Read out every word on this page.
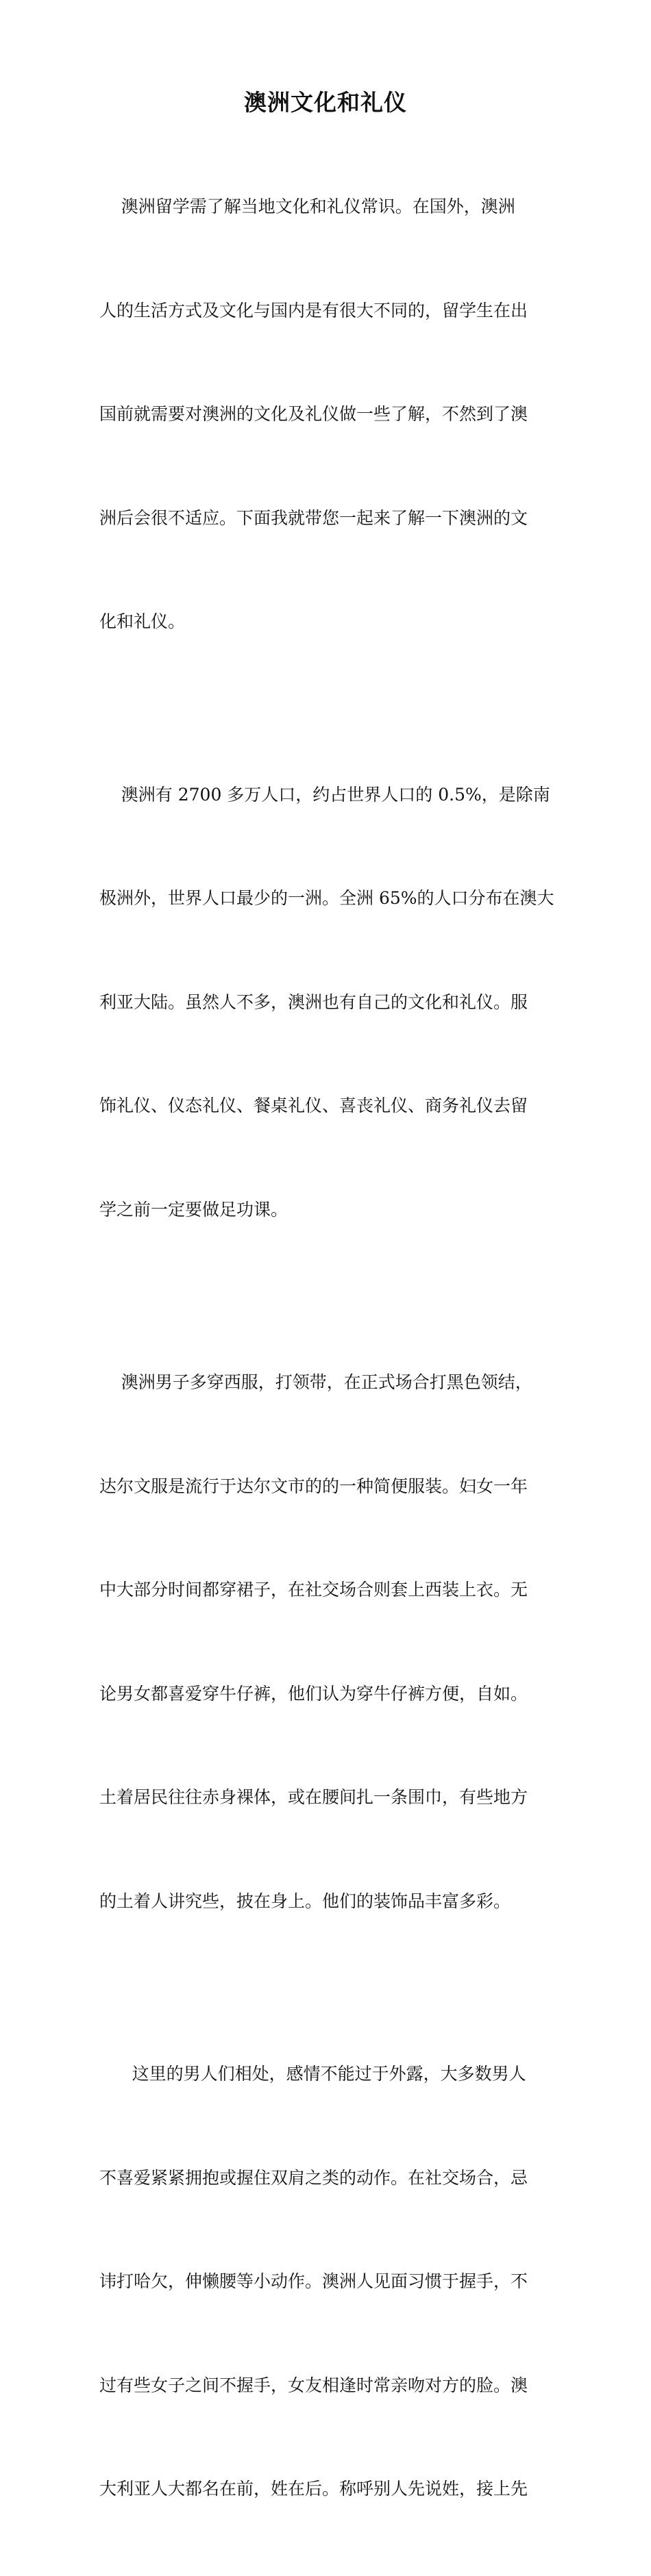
澳洲文化和礼仪

澳洲留学需了解当地文化和礼仪常识。在国外，澳洲

人的生活方式及文化与国内是有很大不同的，留学生在出

国前就需要对澳洲的文化及礼仪做一些了解，不然到了澳

洲后会很不适应。下面我就带您一起来了解一下澳洲的文

化和礼仪。

澳洲有 2700 多万人口，约占世界人口的 0.5%，是除南

极洲外，世界人口最少的一洲。全洲 65%的人口分布在澳大

利亚大陆。虽然人不多，澳洲也有自己的文化和礼仪。服

饰礼仪、仪态礼仪、餐桌礼仪、喜丧礼仪、商务礼仪去留

学之前一定要做足功课。

澳洲男子多穿西服，打领带，在正式场合打黑色领结，

达尔文服是流行于达尔文市的的一种简便服装。妇女一年

中大部分时间都穿裙子，在社交场合则套上西装上衣。无

论男女都喜爱穿牛仔裤，他们认为穿牛仔裤方便，自如。

土着居民往往赤身裸体，或在腰间扎一条围巾，有些地方

的土着人讲究些，披在身上。他们的装饰品丰富多彩。

这里的男人们相处，感情不能过于外露，大多数男人

不喜爱紧紧拥抱或握住双肩之类的动作。在社交场合，忌

讳打哈欠，伸懒腰等小动作。澳洲人见面习惯于握手，不

过有些女子之间不握手，女友相逢时常亲吻对方的脸。澳

大利亚人大都名在前，姓在后。称呼别人先说姓，接上先
